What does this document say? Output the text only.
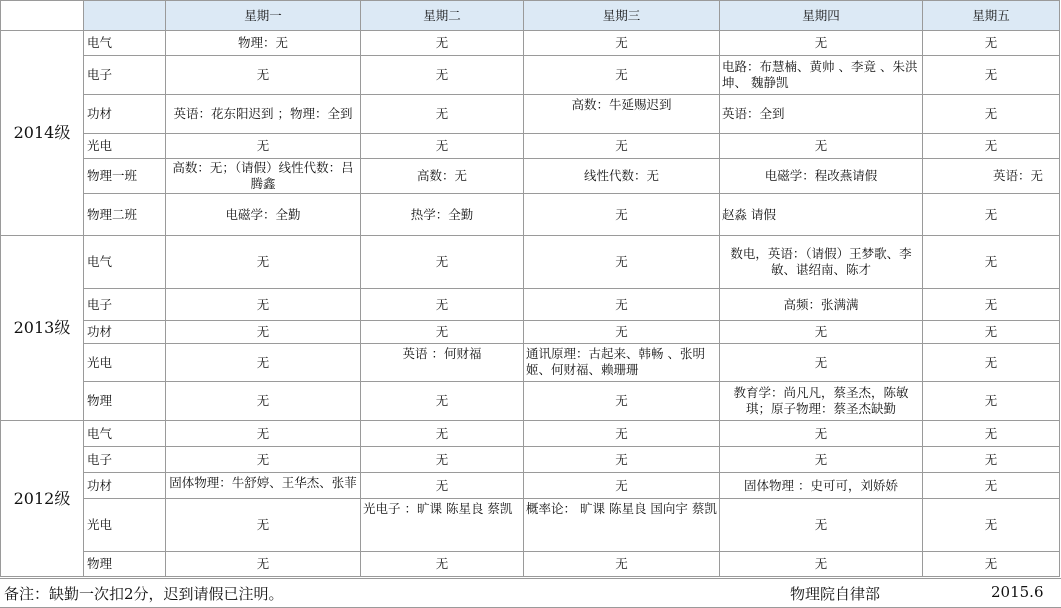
		星期一	星期二	星期三	星期四	星期五
2014级	电气	物理：无	无	无	无	无
	电子	无	无	无	电路：布慧楠、黄帅 、李竟 、朱洪坤、 魏静凯	无
	功材	英语：花东阳迟到 ；物理：全到	无	高数：牛延赐迟到	英语：全到	无
	光电	无	无	无	无	无
	物理一班	高数：无；（请假）线性代数：吕腾鑫	高数：无	线性代数：无	电磁学：程改燕请假	英语：无
	物理二班	电磁学：全勤	热学：全勤	无	赵淼 请假	无
2013级	电气	无	无	无	数电，英语：（请假）王梦歌、李敏、谌绍南、陈才	无
	电子	无	无	无	高频：张满满	无
	功材	无	无	无	无	无
	光电	无	英语 ：何财福	通讯原理：古起来、韩畅 、张明姬、何财福、赖珊珊	无	无
	物理	无	无	无	教育学：尚凡凡，蔡圣杰，陈敏琪；原子物理：蔡圣杰缺勤	无
2012级	电气	无	无	无	无	无
	电子	无	无	无	无	无
	功材	固体物理：牛舒婷、王华杰、张菲	无	无	固体物理 ：史可可，刘娇娇	无
	光电	无	光电子 ：旷课 陈星良 蔡凯	概率论： 旷课 陈星良 国向宇 蔡凯	无	无
	物理	无	无	无	无	无
备注：缺勤一次扣2分，迟到请假已注明。	物理院自律部	2015.6
